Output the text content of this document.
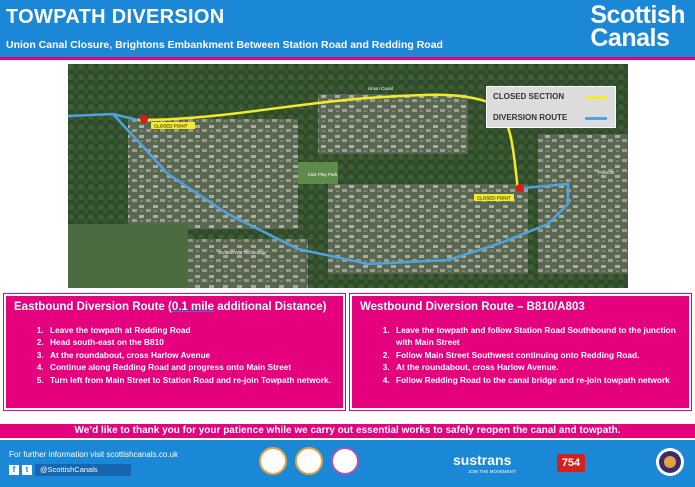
TOWPATH DIVERSION
Union Canal Closure, Brightons Embankment Between Station Road and Redding Road
Scottish
Canals
CLOSED POINT
CLOSED POINT
Kidz Play Park
Scottish Nat Technology
Union Canal
Polmont
CLOSED SECTION
DIVERSION ROUTE
Eastbound Diversion Route (0.1 mile additional Distance)
1. Leave the towpath at Redding Road
2. Head south-east on the B810
3. At the roundabout, cross Harlow Avenue
4. Continue along Redding Road and progress onto Main Street
5. Turn left from Main Street to Station Road and re-join Towpath network.
Westbound Diversion Route – B810/A803
1. Leave the towpath and follow Station Road Southbound to the junction with Main Street
2. Follow Main Street Southwest continuing onto Redding Road.
3. At the roundabout, cross Harlow Avenue.
4. Follow Redding Road to the canal bridge and re-join towpath network
We’d like to thank you for your patience while we carry out essential works to safely reopen the canal and towpath.
For further information visit scottishcanals.co.uk
f	t	@ScottishCanals
sustrans
JOIN THE MOVEMENT
754
